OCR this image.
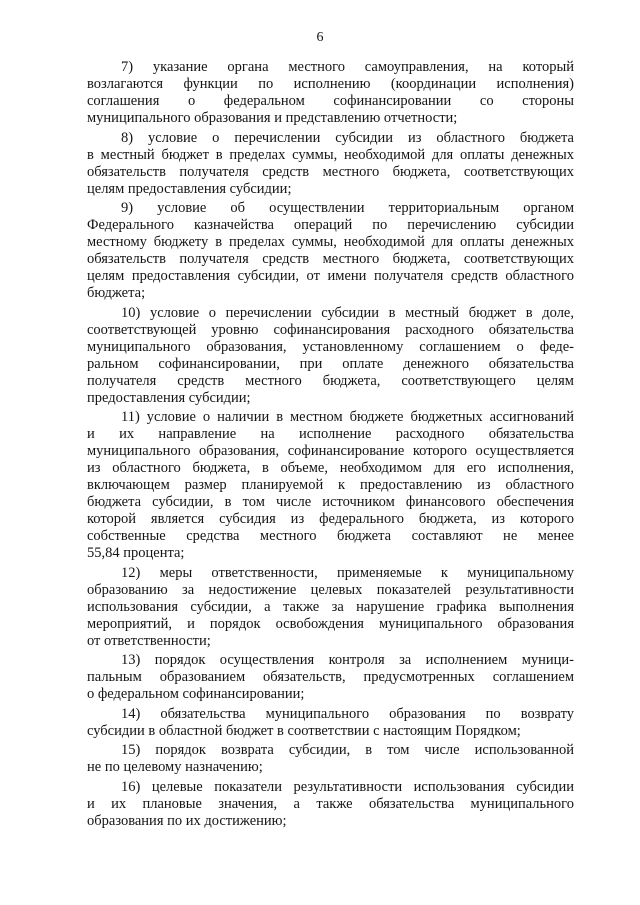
6
7) указание органа местного самоуправления, на который
возлагаются функции по исполнению (координации исполнения)
соглашения о федеральном софинансировании со стороны
муниципального образования и представлению отчетности;
8) условие о перечислении субсидии из областного бюджета
в местный бюджет в пределах суммы, необходимой для оплаты денежных
обязательств получателя средств местного бюджета, соответствующих
целям предоставления субсидии;
9) условие об осуществлении территориальным органом
Федерального казначейства операций по перечислению субсидии
местному бюджету в пределах суммы, необходимой для оплаты денежных
обязательств получателя средств местного бюджета, соответствующих
целям предоставления субсидии, от имени получателя средств областного
бюджета;
10) условие о перечислении субсидии в местный бюджет в доле,
соответствующей уровню софинансирования расходного обязательства
муниципального образования, установленному соглашением о феде-
ральном софинансировании, при оплате денежного обязательства
получателя средств местного бюджета, соответствующего целям
предоставления субсидии;
11) условие о наличии в местном бюджете бюджетных ассигнований
и их направление на исполнение расходного обязательства
муниципального образования, софинансирование которого осуществляется
из областного бюджета, в объеме, необходимом для его исполнения,
включающем размер планируемой к предоставлению из областного
бюджета субсидии, в том числе источником финансового обеспечения
которой является субсидия из федерального бюджета, из которого
собственные средства местного бюджета составляют не менее
55,84 процента;
12) меры ответственности, применяемые к муниципальному
образованию за недостижение целевых показателей результативности
использования субсидии, а также за нарушение графика выполнения
мероприятий, и порядок освобождения муниципального образования
от ответственности;
13) порядок осуществления контроля за исполнением муници-
пальным образованием обязательств, предусмотренных соглашением
о федеральном софинансировании;
14) обязательства муниципального образования по возврату
субсидии в областной бюджет в соответствии с настоящим Порядком;
15) порядок возврата субсидии, в том числе использованной
не по целевому назначению;
16) целевые показатели результативности использования субсидии
и их плановые значения, а также обязательства муниципального
образования по их достижению;
